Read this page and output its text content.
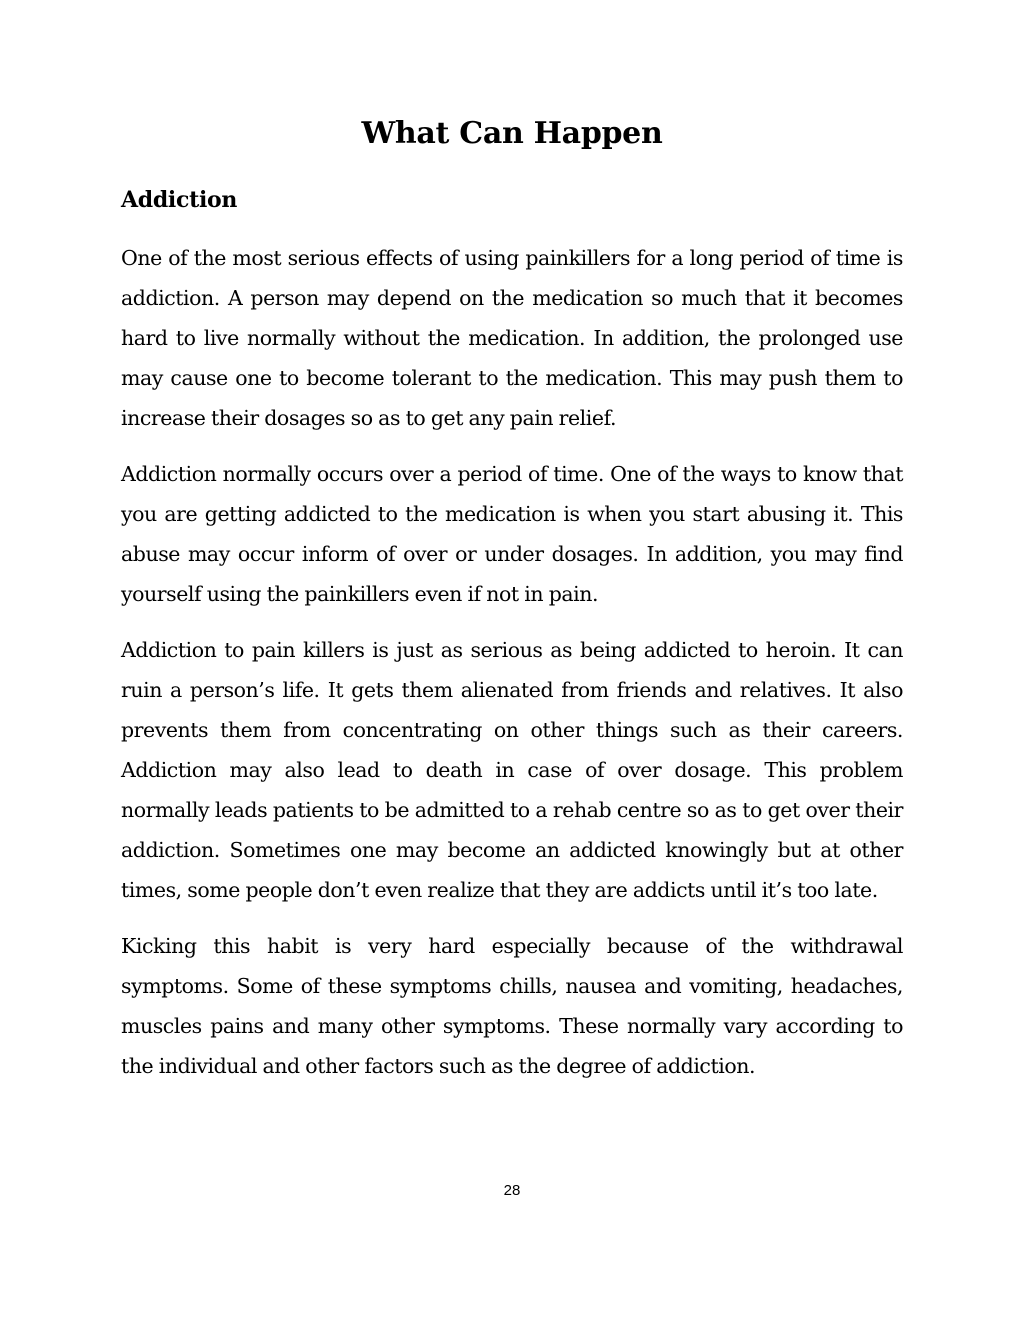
What Can Happen
Addiction

One of the most serious effects of using painkillers for a long period of time is addiction. A person may depend on the medication so much that it becomes hard to live normally without the medication. In addition, the prolonged use may cause one to become tolerant to the medication. This may push them to increase their dosages so as to get any pain relief.

Addiction normally occurs over a period of time. One of the ways to know that you are getting addicted to the medication is when you start abusing it. This abuse may occur inform of over or under dosages. In addition, you may find yourself using the painkillers even if not in pain.

Addiction to pain killers is just as serious as being addicted to heroin. It can ruin a person’s life. It gets them alienated from friends and relatives. It also prevents them from concentrating on other things such as their careers. Addiction may also lead to death in case of over dosage. This problem normally leads patients to be admitted to a rehab centre so as to get over their addiction. Sometimes one may become an addicted knowingly but at other times, some people don’t even realize that they are addicts until it’s too late.

Kicking this habit is very hard especially because of the withdrawal symptoms. Some of these symptoms chills, nausea and vomiting, headaches, muscles pains and many other symptoms. These normally vary according to the individual and other factors such as the degree of addiction.

28
